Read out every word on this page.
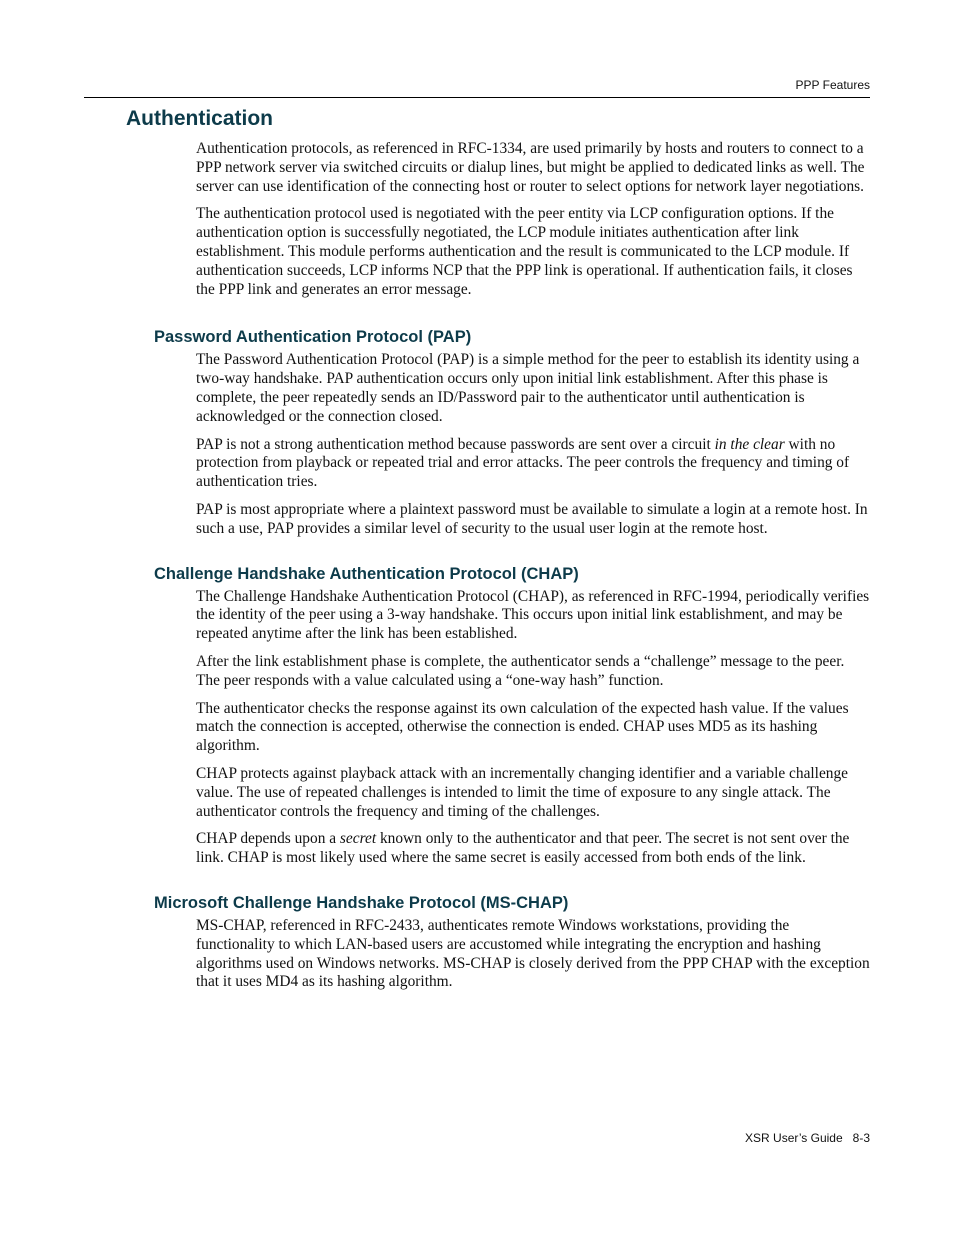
PPP Features
Authentication

Authentication protocols, as referenced in RFC-1334, are used primarily by hosts and routers to connect to a PPP network server via switched circuits or dialup lines, but might be applied to dedicated links as well. The server can use identification of the connecting host or router to select options for network layer negotiations.

The authentication protocol used is negotiated with the peer entity via LCP configuration options. If the authentication option is successfully negotiated, the LCP module initiates authentication after link establishment. This module performs authentication and the result is communicated to the LCP module. If authentication succeeds, LCP informs NCP that the PPP link is operational. If authentication fails, it closes the PPP link and generates an error message.

Password Authentication Protocol (PAP)

The Password Authentication Protocol (PAP) is a simple method for the peer to establish its identity using a two-way handshake. PAP authentication occurs only upon initial link establishment. After this phase is complete, the peer repeatedly sends an ID/Password pair to the authenticator until authentication is acknowledged or the connection closed.

PAP is not a strong authentication method because passwords are sent over a circuit in the clear with no protection from playback or repeated trial and error attacks. The peer controls the frequency and timing of authentication tries.

PAP is most appropriate where a plaintext password must be available to simulate a login at a remote host. In such a use, PAP provides a similar level of security to the usual user login at the remote host.

Challenge Handshake Authentication Protocol (CHAP)

The Challenge Handshake Authentication Protocol (CHAP), as referenced in RFC-1994, periodically verifies the identity of the peer using a 3-way handshake. This occurs upon initial link establishment, and may be repeated anytime after the link has been established.

After the link establishment phase is complete, the authenticator sends a “challenge” message to the peer. The peer responds with a value calculated using a “one-way hash” function.

The authenticator checks the response against its own calculation of the expected hash value. If the values match the connection is accepted, otherwise the connection is ended. CHAP uses MD5 as its hashing algorithm.

CHAP protects against playback attack with an incrementally changing identifier and a variable challenge value. The use of repeated challenges is intended to limit the time of exposure to any single attack. The authenticator controls the frequency and timing of the challenges.

CHAP depends upon a secret known only to the authenticator and that peer. The secret is not sent over the link. CHAP is most likely used where the same secret is easily accessed from both ends of the link.

Microsoft Challenge Handshake Protocol (MS-CHAP)

MS-CHAP, referenced in RFC-2433, authenticates remote Windows workstations, providing the functionality to which LAN-based users are accustomed while integrating the encryption and hashing algorithms used on Windows networks. MS-CHAP is closely derived from the PPP CHAP with the exception that it uses MD4 as its hashing algorithm.

XSR User’s Guide 8-3
